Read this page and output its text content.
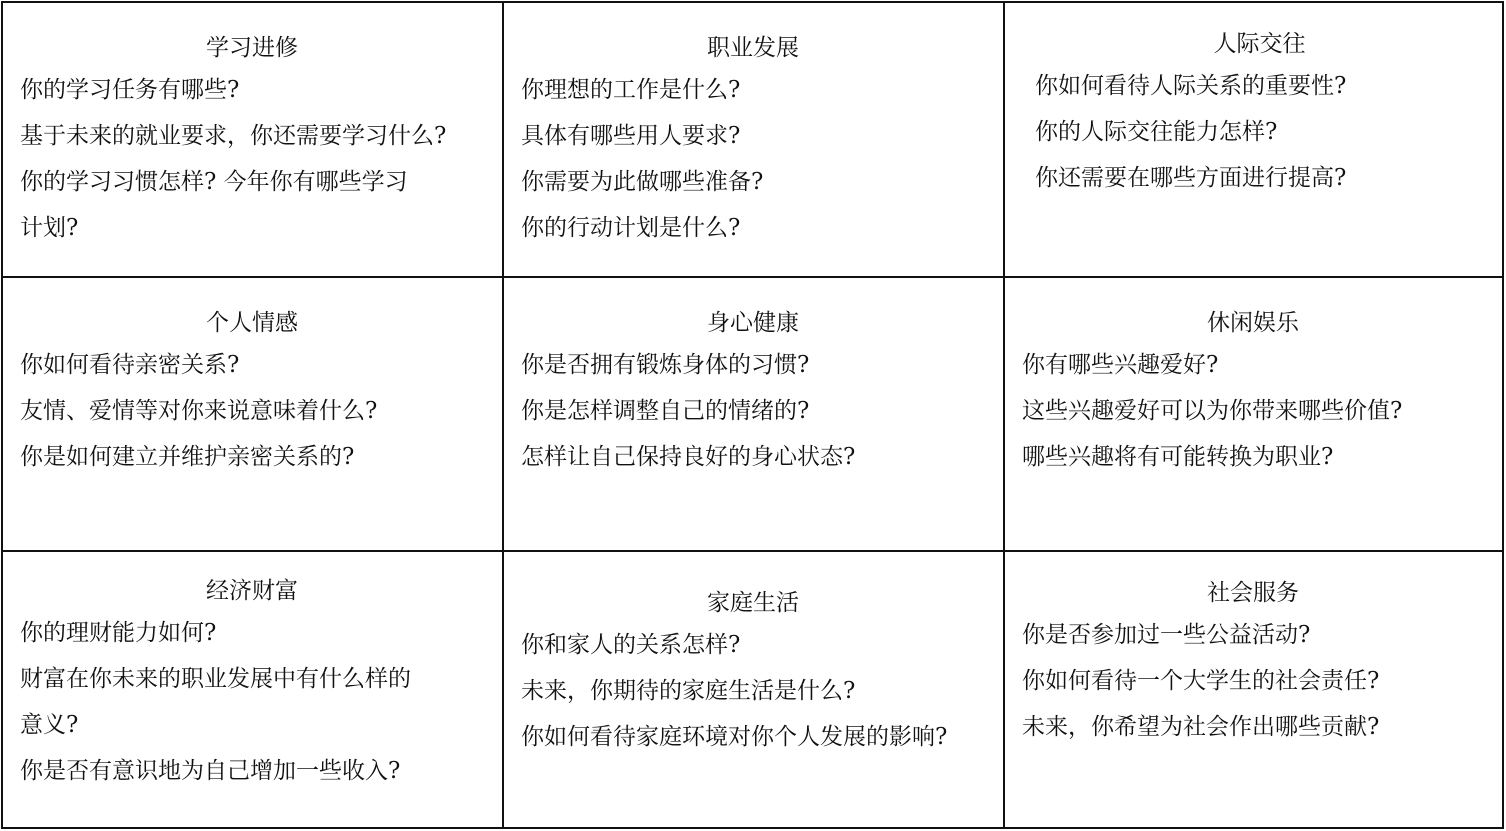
学习进修
你的学习任务有哪些?
基于未来的就业要求，你还需要学习什么?
你的学习习惯怎样? 今年你有哪些学习
计划?
职业发展
你理想的工作是什么?
具体有哪些用人要求?
你需要为此做哪些准备?
你的行动计划是什么?
人际交往
你如何看待人际关系的重要性?
你的人际交往能力怎样?
你还需要在哪些方面进行提高?
个人情感
你如何看待亲密关系?
友情、爱情等对你来说意味着什么?
你是如何建立并维护亲密关系的?
身心健康
你是否拥有锻炼身体的习惯?
你是怎样调整自己的情绪的?
怎样让自己保持良好的身心状态?
休闲娱乐
你有哪些兴趣爱好?
这些兴趣爱好可以为你带来哪些价值?
哪些兴趣将有可能转换为职业?
经济财富
你的理财能力如何?
财富在你未来的职业发展中有什么样的
意义?
你是否有意识地为自己增加一些收入?
家庭生活
你和家人的关系怎样?
未来，你期待的家庭生活是什么?
你如何看待家庭环境对你个人发展的影响?
社会服务
你是否参加过一些公益活动?
你如何看待一个大学生的社会责任?
未来，你希望为社会作出哪些贡献?
